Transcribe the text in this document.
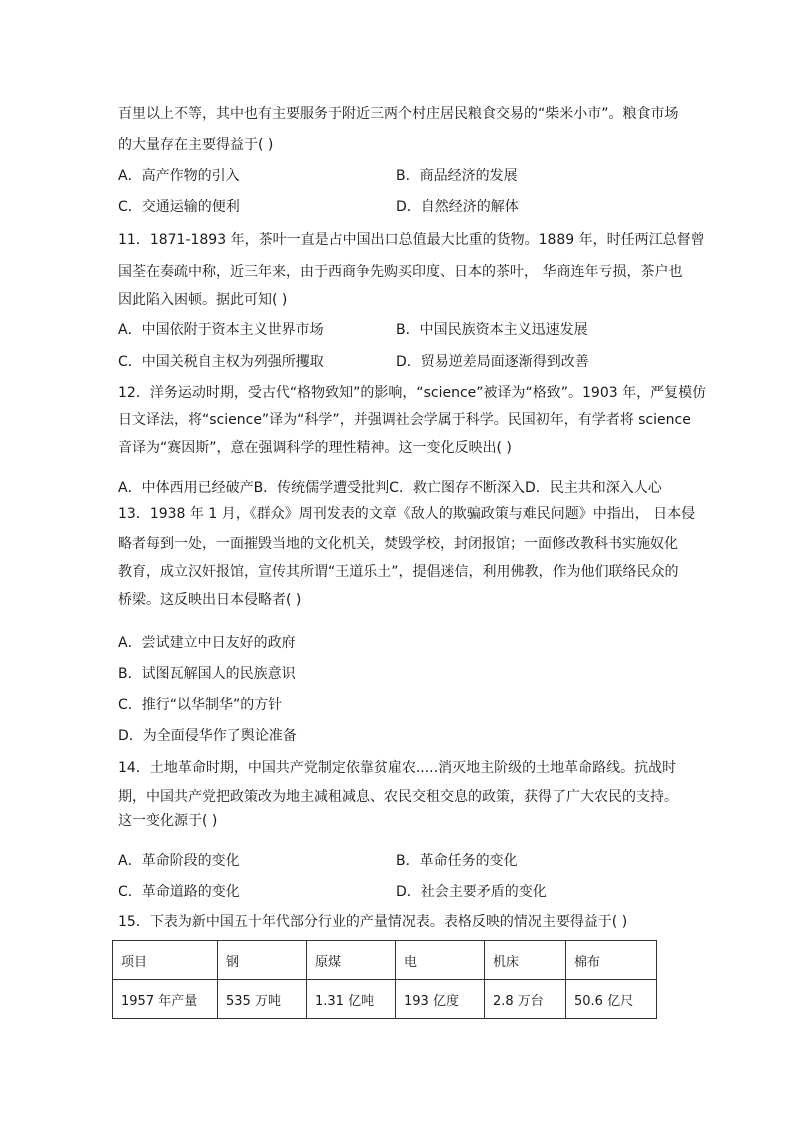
百里以上不等，其中也有主要服务于附近三两个村庄居民粮食交易的“柴米小市”。粮食市场
的大量存在主要得益于( )
A．高产作物的引入	B．商品经济的发展
C．交通运输的便利	D．自然经济的解体
11．1871-1893 年，茶叶一直是占中国出口总值最大比重的货物。1889 年，时任两江总督曾
国荃在奏疏中称，近三年来，由于西商争先购买印度、日本的茶叶， 华商连年亏损，茶户也
因此陷入困顿。据此可知( )
A．中国依附于资本主义世界市场	B．中国民族资本主义迅速发展
C．中国关税自主权为列强所攫取	D．贸易逆差局面逐渐得到改善
12．洋务运动时期，受古代“格物致知”的影响，“science”被译为“格致”。1903 年，严复模仿
日文译法，将“science”译为“科学”，并强调社会学属于科学。民国初年，有学者将 science
音译为“赛因斯”，意在强调科学的理性精神。这一变化反映出( )
A．中体西用已经破产B．传统儒学遭受批判C．救亡图存不断深入D．民主共和深入人心
13．1938 年 1 月，《群众》周刊发表的文章《敌人的欺骗政策与难民问题》中指出， 日本侵
略者每到一处，一面摧毁当地的文化机关，焚毁学校，封闭报馆；一面修改教科书实施奴化
教育，成立汉奸报馆，宣传其所谓“王道乐土”，提倡迷信，利用佛教，作为他们联络民众的
桥梁。这反映出日本侵略者( )
A．尝试建立中日友好的政府
B．试图瓦解国人的民族意识
C．推行“以华制华”的方针
D．为全面侵华作了舆论准备
14．土地革命时期，中国共产党制定依靠贫雇农.....消灭地主阶级的土地革命路线。抗战时
期，中国共产党把政策改为地主减租减息、农民交租交息的政策，获得了广大农民的支持。
这一变化源于( )
A．革命阶段的变化	B．革命任务的变化
C．革命道路的变化	D．社会主要矛盾的变化
15．下表为新中国五十年代部分行业的产量情况表。表格反映的情况主要得益于( )
项目	钢	原煤	电	机床	棉布
1957 年产量	535 万吨	1.31 亿吨	193 亿度	2.8 万台	50.6 亿尺
